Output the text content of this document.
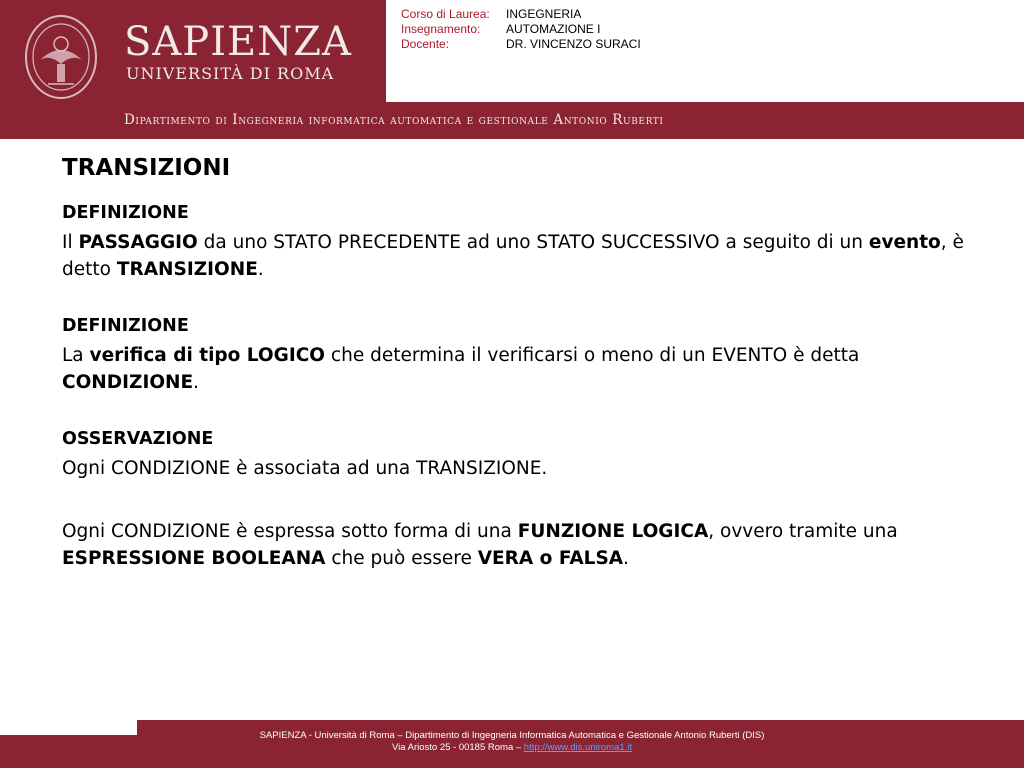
SAPIENZA
UNIVERSITÀ DI ROMA
Corso di Laurea:	INGEGNERIA
Insegnamento:	AUTOMAZIONE I
Docente:	DR. VINCENZO SURACI
Dipartimento di Ingegneria informatica automatica e gestionale Antonio Ruberti
TRANSIZIONI
DEFINIZIONE

Il PASSAGGIO da uno STATO PRECEDENTE ad uno STATO SUCCESSIVO a seguito di un evento, è detto TRANSIZIONE.

DEFINIZIONE

La verifica di tipo LOGICO che determina il verificarsi o meno di un EVENTO è detta CONDIZIONE.

OSSERVAZIONE

Ogni CONDIZIONE è associata ad una TRANSIZIONE.

Ogni CONDIZIONE è espressa sotto forma di una FUNZIONE LOGICA, ovvero tramite una ESPRESSIONE BOOLEANA che può essere VERA o FALSA.

SAPIENZA - Università di Roma – Dipartimento di Ingegneria Informatica Automatica e Gestionale Antonio Ruberti (DIS)
Via Ariosto 25 - 00185 Roma – http://www.dis.uniroma1.it
